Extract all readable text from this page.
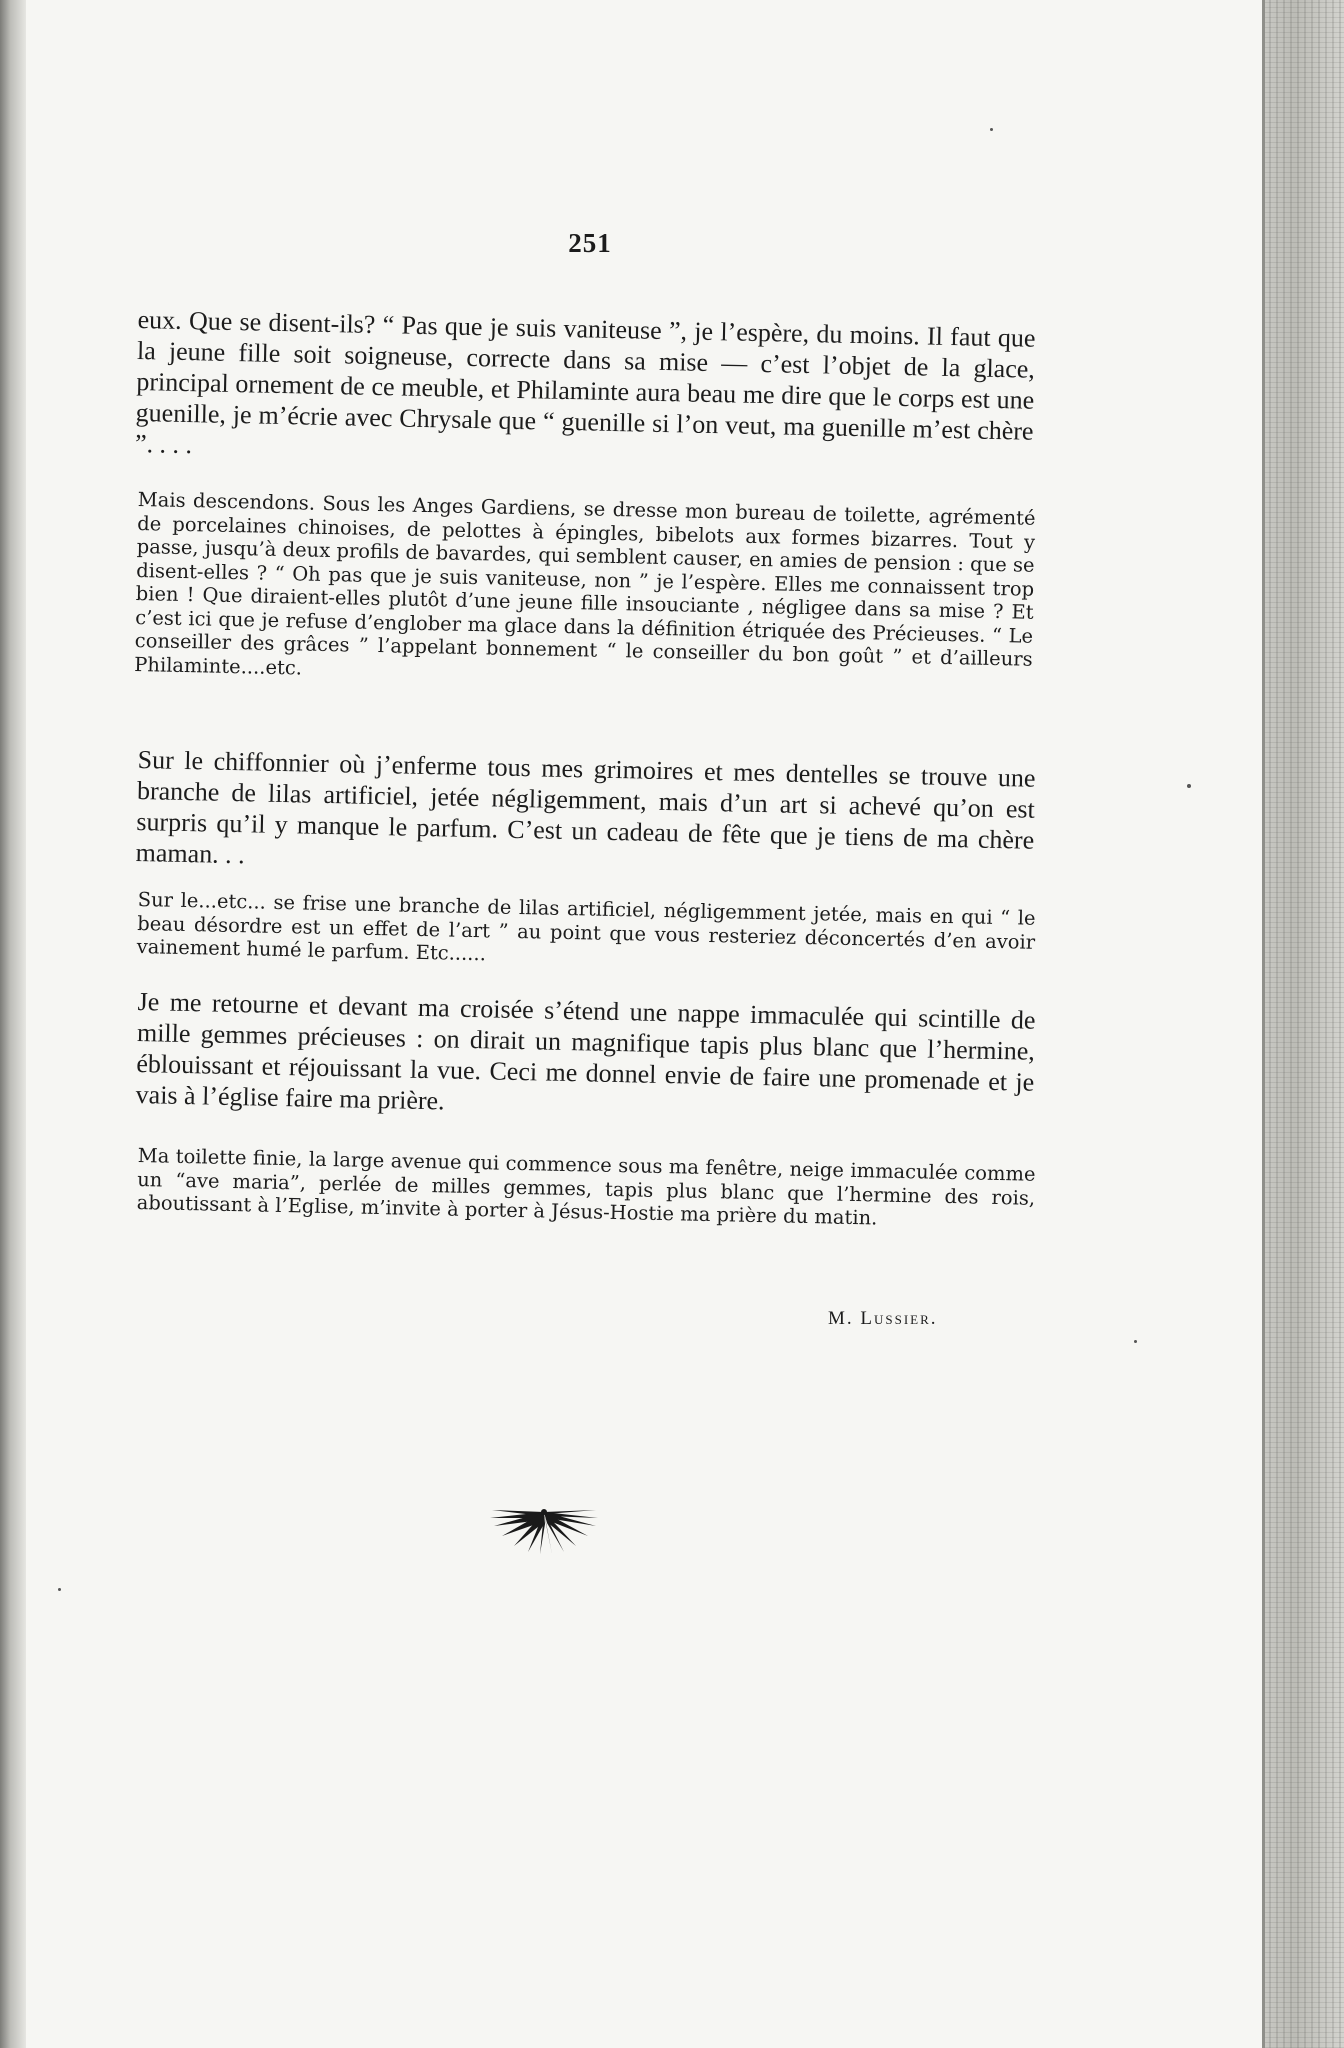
251

eux. Que se disent-ils? “ Pas que je suis vaniteuse ”, je l’espère, du moins. Il faut que la jeune fille soit soigneuse, correcte dans sa mise — c’est l’objet de la glace, principal ornement de ce meuble, et Philaminte aura beau me dire que le corps est une guenille, je m’écrie avec Chrysale que “ guenille si l’on veut, ma guenille m’est chère ”. . . .

Mais descendons. Sous les Anges Gardiens, se dresse mon bureau de toilette, agrémenté de porcelaines chinoises, de pelottes à épingles, bibelots aux formes bizarres. Tout y passe, jusqu’à deux profils de bavardes, qui semblent causer, en amies de pension : que se disent-elles ? “ Oh pas que je suis vaniteuse, non ” je l’espère. Elles me connaissent trop bien ! Que diraient-elles plutôt d’une jeune fille insouciante , négligee dans sa mise ? Et c’est ici que je refuse d’englober ma glace dans la définition étriquée des Précieuses. “ Le conseiller des grâces ” l’appelant bonnement “ le conseiller du bon goût ” et d’ailleurs Philaminte....etc.

Sur le chiffonnier où j’enferme tous mes grimoires et mes dentelles se trouve une branche de lilas artificiel, jetée négligemment, mais d’un art si achevé qu’on est surpris qu’il y manque le parfum. C’est un cadeau de fête que je tiens de ma chère maman. . .

Sur le...etc... se frise une branche de lilas artificiel, négligemment jetée, mais en qui “ le beau désordre est un effet de l’art ” au point que vous resteriez déconcertés d’en avoir vainement humé le parfum. Etc......

Je me retourne et devant ma croisée s’étend une nappe immaculée qui scintille de mille gemmes précieuses : on dirait un magnifique tapis plus blanc que l’hermine, éblouissant et réjouissant la vue. Ceci me donnel envie de faire une promenade et je vais à l’église faire ma prière.

Ma toilette finie, la large avenue qui commence sous ma fenêtre, neige immaculée comme un “ave maria”, perlée de milles gemmes, tapis plus blanc que l’hermine des rois, aboutissant à l’Eglise, m’invite à porter à Jésus-Hostie ma prière du matin.

M. Lussier.
